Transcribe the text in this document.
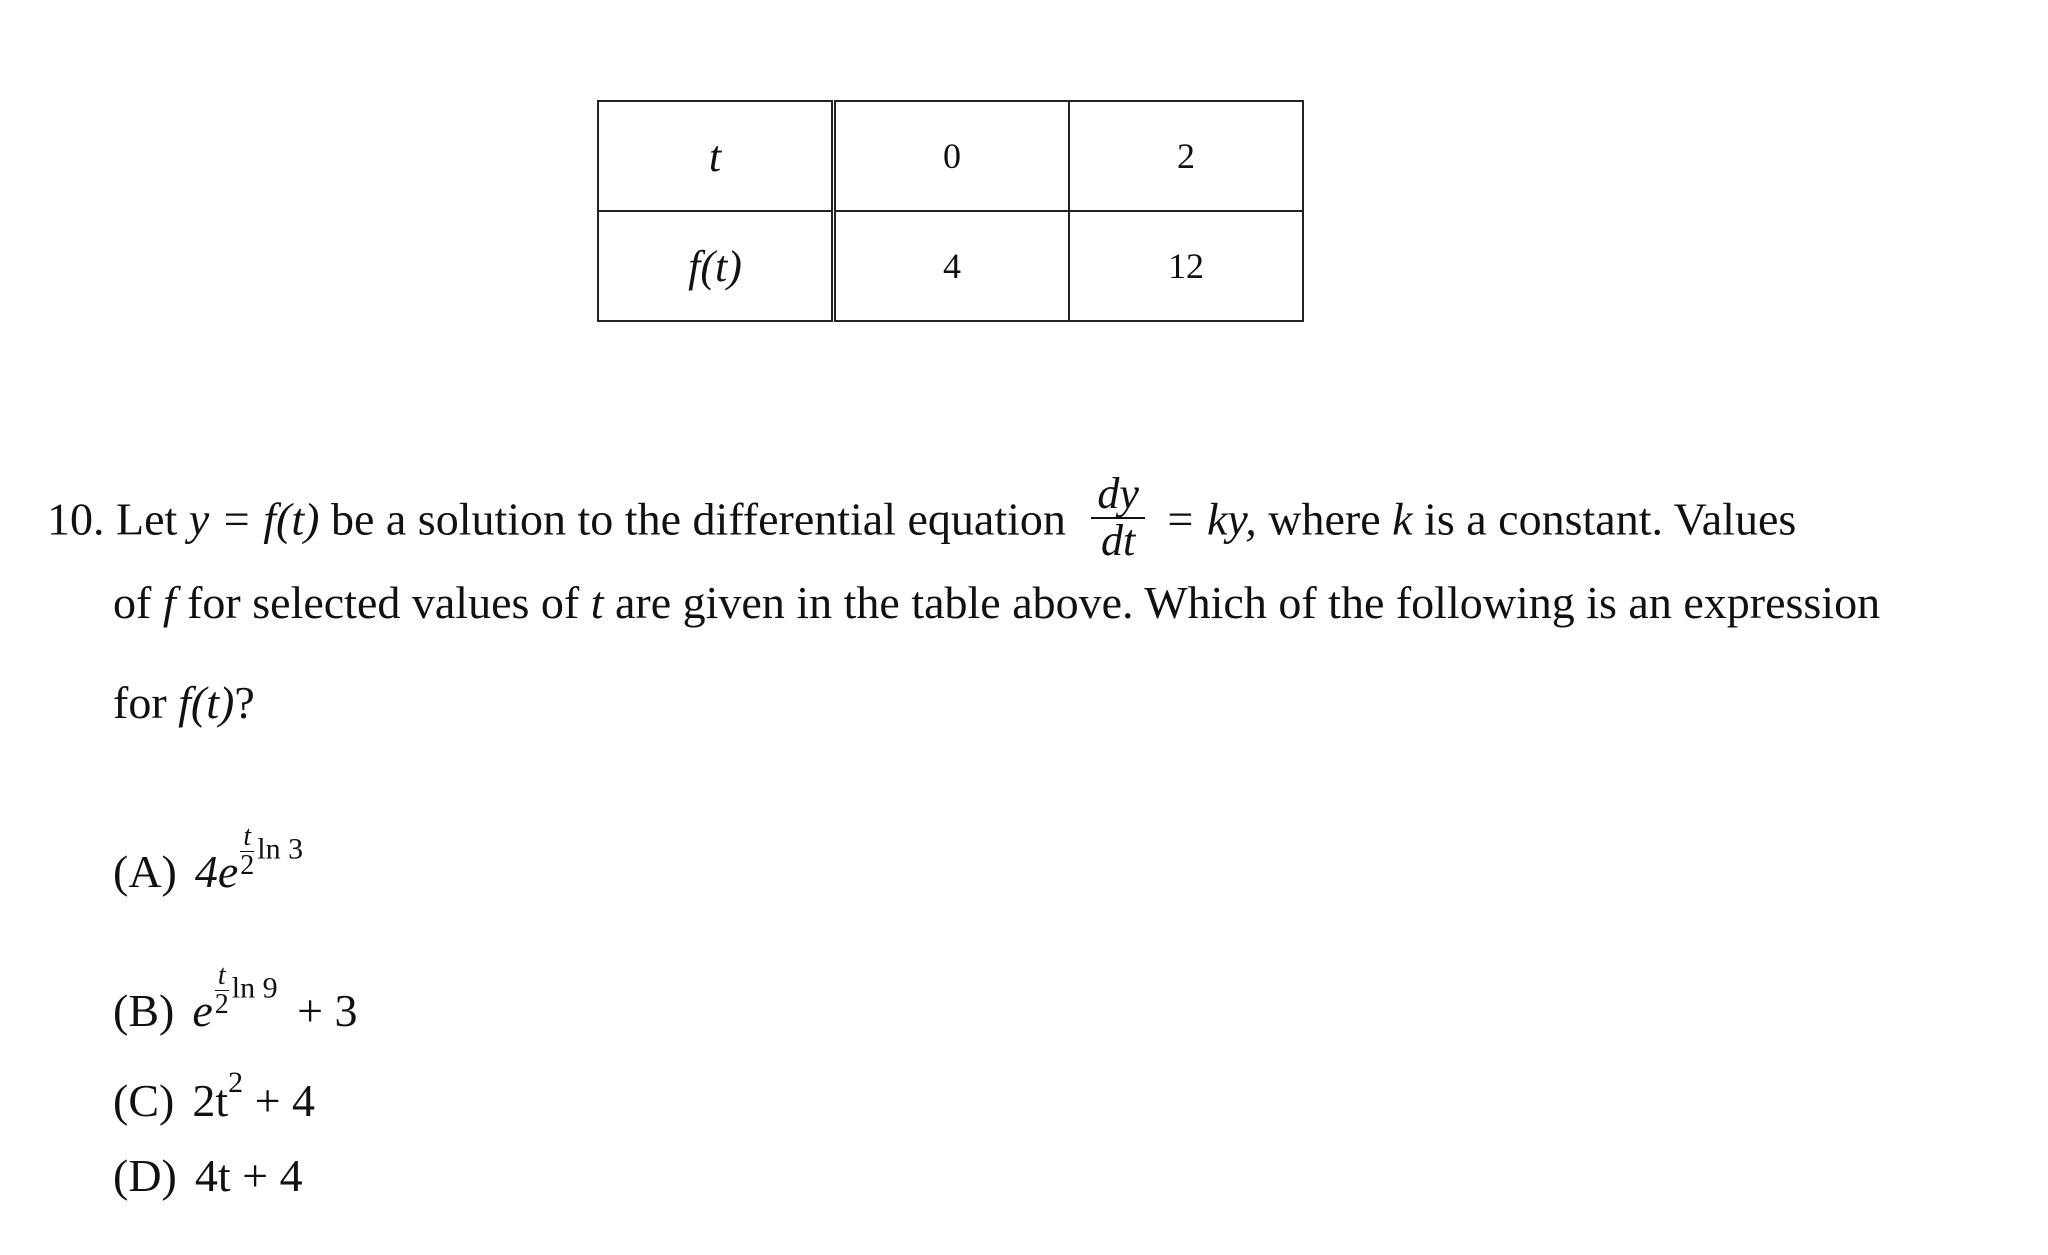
t	0	2
f(t)	4	12
10. Let y = f(t) be a solution to the differential equation $\frac{dy}{dt}$ = ky, where k is a constant. Values
of f for selected values of t are given in the table above. Which of the following is an expression
for f(t)?
(A) $4e \frac{t}{2}$ ln 3
(B) e $\frac{t}{2}$ ln 9 + 3
(C) $2t^2 + 4$
(D) 4t + 4
